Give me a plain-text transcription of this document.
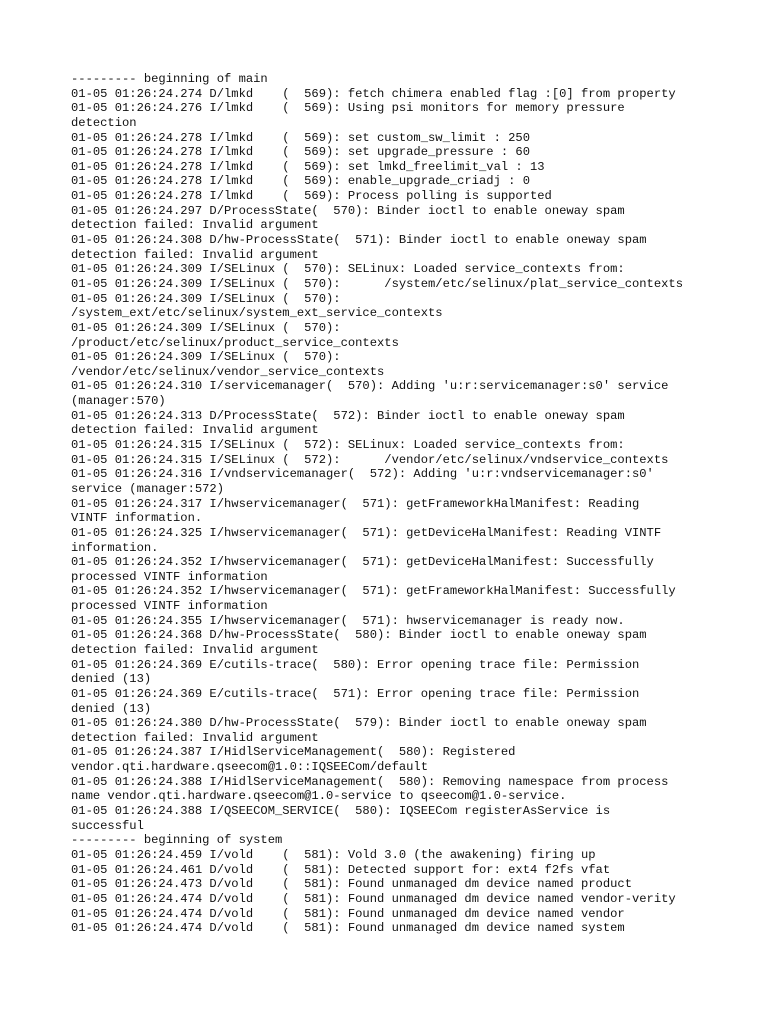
--------- beginning of main
01-05 01:26:24.274 D/lmkd    (  569): fetch chimera enabled flag :[0] from property
01-05 01:26:24.276 I/lmkd    (  569): Using psi monitors for memory pressure
detection
01-05 01:26:24.278 I/lmkd    (  569): set custom_sw_limit : 250
01-05 01:26:24.278 I/lmkd    (  569): set upgrade_pressure : 60
01-05 01:26:24.278 I/lmkd    (  569): set lmkd_freelimit_val : 13
01-05 01:26:24.278 I/lmkd    (  569): enable_upgrade_criadj : 0
01-05 01:26:24.278 I/lmkd    (  569): Process polling is supported
01-05 01:26:24.297 D/ProcessState(  570): Binder ioctl to enable oneway spam
detection failed: Invalid argument
01-05 01:26:24.308 D/hw-ProcessState(  571): Binder ioctl to enable oneway spam
detection failed: Invalid argument
01-05 01:26:24.309 I/SELinux (  570): SELinux: Loaded service_contexts from:
01-05 01:26:24.309 I/SELinux (  570):      /system/etc/selinux/plat_service_contexts
01-05 01:26:24.309 I/SELinux (  570):
/system_ext/etc/selinux/system_ext_service_contexts
01-05 01:26:24.309 I/SELinux (  570):
/product/etc/selinux/product_service_contexts
01-05 01:26:24.309 I/SELinux (  570):
/vendor/etc/selinux/vendor_service_contexts
01-05 01:26:24.310 I/servicemanager(  570): Adding 'u:r:servicemanager:s0' service
(manager:570)
01-05 01:26:24.313 D/ProcessState(  572): Binder ioctl to enable oneway spam
detection failed: Invalid argument
01-05 01:26:24.315 I/SELinux (  572): SELinux: Loaded service_contexts from:
01-05 01:26:24.315 I/SELinux (  572):      /vendor/etc/selinux/vndservice_contexts
01-05 01:26:24.316 I/vndservicemanager(  572): Adding 'u:r:vndservicemanager:s0'
service (manager:572)
01-05 01:26:24.317 I/hwservicemanager(  571): getFrameworkHalManifest: Reading
VINTF information.
01-05 01:26:24.325 I/hwservicemanager(  571): getDeviceHalManifest: Reading VINTF
information.
01-05 01:26:24.352 I/hwservicemanager(  571): getDeviceHalManifest: Successfully
processed VINTF information
01-05 01:26:24.352 I/hwservicemanager(  571): getFrameworkHalManifest: Successfully
processed VINTF information
01-05 01:26:24.355 I/hwservicemanager(  571): hwservicemanager is ready now.
01-05 01:26:24.368 D/hw-ProcessState(  580): Binder ioctl to enable oneway spam
detection failed: Invalid argument
01-05 01:26:24.369 E/cutils-trace(  580): Error opening trace file: Permission
denied (13)
01-05 01:26:24.369 E/cutils-trace(  571): Error opening trace file: Permission
denied (13)
01-05 01:26:24.380 D/hw-ProcessState(  579): Binder ioctl to enable oneway spam
detection failed: Invalid argument
01-05 01:26:24.387 I/HidlServiceManagement(  580): Registered
vendor.qti.hardware.qseecom@1.0::IQSEECom/default
01-05 01:26:24.388 I/HidlServiceManagement(  580): Removing namespace from process
name vendor.qti.hardware.qseecom@1.0-service to qseecom@1.0-service.
01-05 01:26:24.388 I/QSEECOM_SERVICE(  580): IQSEECom registerAsService is
successful
--------- beginning of system
01-05 01:26:24.459 I/vold    (  581): Vold 3.0 (the awakening) firing up
01-05 01:26:24.461 D/vold    (  581): Detected support for: ext4 f2fs vfat
01-05 01:26:24.473 D/vold    (  581): Found unmanaged dm device named product
01-05 01:26:24.474 D/vold    (  581): Found unmanaged dm device named vendor-verity
01-05 01:26:24.474 D/vold    (  581): Found unmanaged dm device named vendor
01-05 01:26:24.474 D/vold    (  581): Found unmanaged dm device named system
